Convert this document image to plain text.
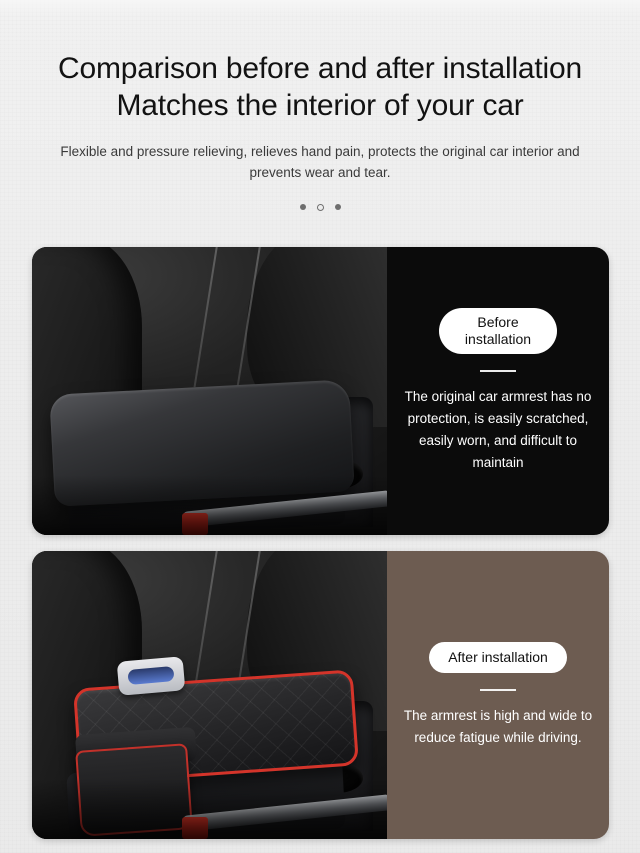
Comparison before and after installation
Matches the interior of your car

Flexible and pressure relieving, relieves hand pain, protects the original car interior and prevents wear and tear.

Before
installation

The original car armrest has no protection, is easily scratched, easily worn, and difficult to maintain

After installation

The armrest is high and wide to reduce fatigue while driving.
